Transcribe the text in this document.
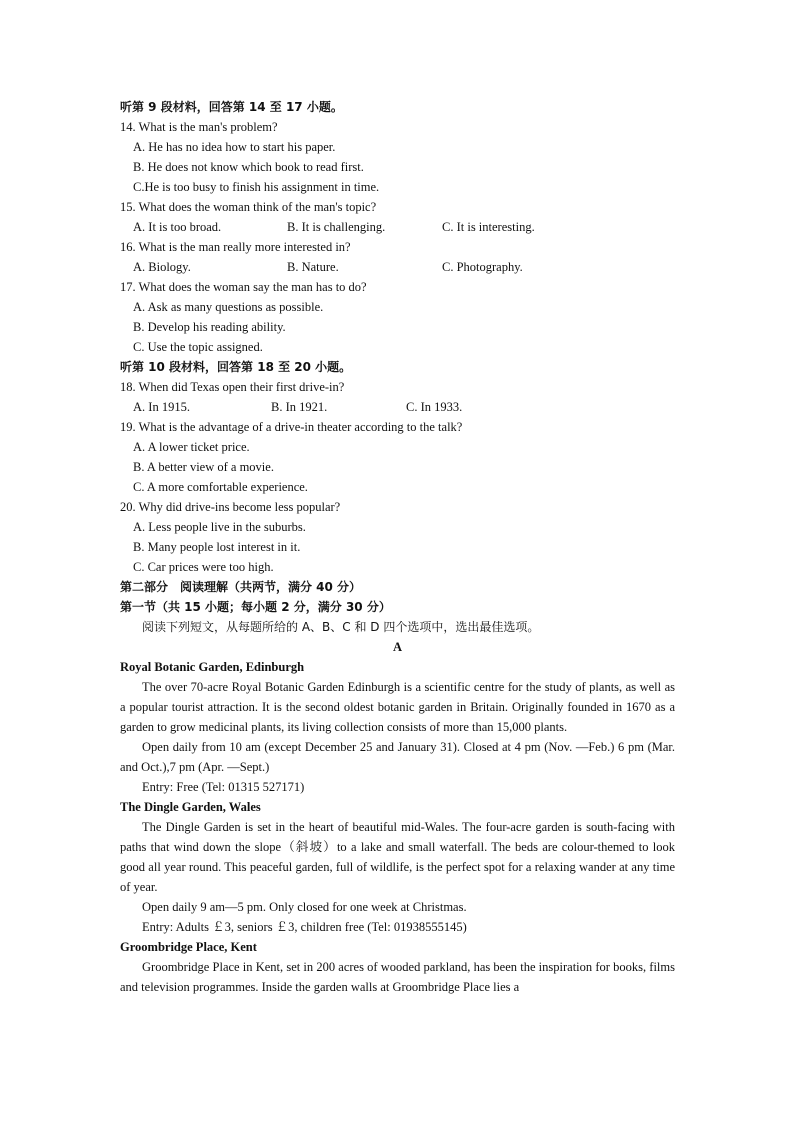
听第 9 段材料，回答第 14 至 17 小题。
14. What is the man's problem?
A. He has no idea how to start his paper.
B. He does not know which book to read first.
C.He is too busy to finish his assignment in time.
15. What does the woman think of the man's topic?
A. It is too broad.	B. It is challenging.	C. It is interesting.
16. What is the man really more interested in?
A. Biology.	B. Nature.	C. Photography.
17. What does the woman say the man has to do?
A. Ask as many questions as possible.
B. Develop his reading ability.
C. Use the topic assigned.
听第 10 段材料，回答第 18 至 20 小题。
18. When did Texas open their first drive-in?
A. In 1915.	B. In 1921.	C. In 1933.
19. What is the advantage of a drive-in theater according to the talk?
A. A lower ticket price.
B. A better view of a movie.
C. A more comfortable experience.
20. Why did drive-ins become less popular?
A. Less people live in the suburbs.
B. Many people lost interest in it.
C. Car prices were too high.
第二部分　阅读理解（共两节，满分 40 分）
第一节（共 15 小题；每小题 2 分，满分 30 分）
阅读下列短文，从每题所给的 A、B、C 和 D 四个选项中，选出最佳选项。
A
Royal Botanic Garden, Edinburgh
The over 70-acre Royal Botanic Garden Edinburgh is a scientific centre for the study of plants, as well as a popular tourist attraction. It is the second oldest botanic garden in Britain. Originally founded in 1670 as a garden to grow medicinal plants, its living collection consists of more than 15,000 plants.
Open daily from 10 am (except December 25 and January 31). Closed at 4 pm (Nov. —Feb.) 6 pm (Mar. and Oct.),7 pm (Apr. —Sept.)
Entry: Free (Tel: 01315 527171)
The Dingle Garden, Wales
The Dingle Garden is set in the heart of beautiful mid-Wales. The four-acre garden is south-facing with paths that wind down the slope（斜坡）to a lake and small waterfall. The beds are colour-themed to look good all year round. This peaceful garden, full of wildlife, is the perfect spot for a relaxing wander at any time of year.
Open daily 9 am—5 pm. Only closed for one week at Christmas.
Entry: Adults ￡3, seniors ￡3, children free (Tel: 01938555145)
Groombridge Place, Kent
Groombridge Place in Kent, set in 200 acres of wooded parkland, has been the inspiration for books, films and television programmes. Inside the garden walls at Groombridge Place lies a
